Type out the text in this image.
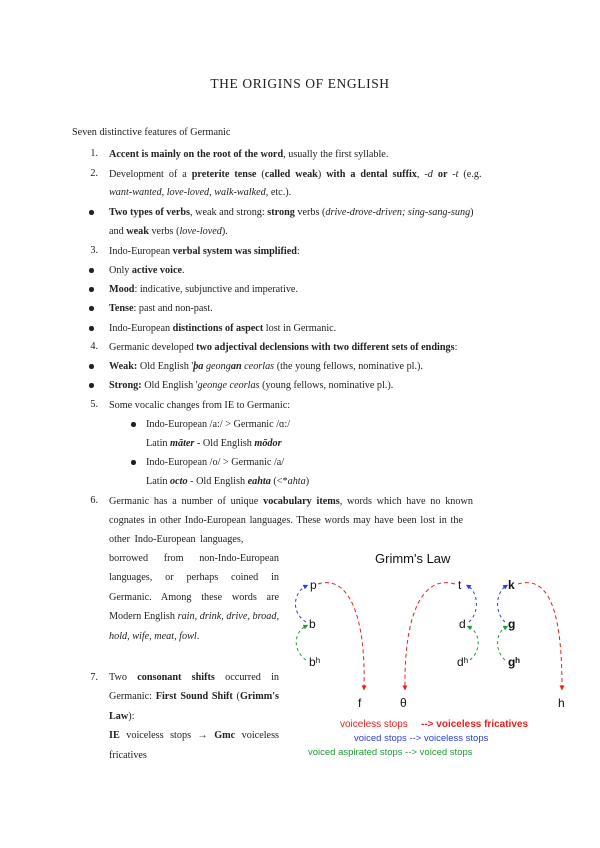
THE ORIGINS OF ENGLISH
Seven distinctive features of Germanic
1. Accent is mainly on the root of the word, usually the first syllable.
2. Development of a preterite tense (called weak) with a dental suffix, -d or -t (e.g.
want-wanted, love-loved, walk-walked, etc.).
Two types of verbs, weak and strong: strong verbs (drive-drove-driven; sing-sang-sung)
and weak verbs (love-loved).
3. Indo-European verbal system was simplified:
Only active voice.
Mood: indicative, subjunctive and imperative.
Tense: past and non-past.
Indo-European distinctions of aspect lost in Germanic.
4. Germanic developed two adjectival declensions with two different sets of endings:
Weak: Old English 'þa geongan ceorlas (the young fellows, nominative pl.).
Strong: Old English 'geonge ceorlas (young fellows, nominative pl.).
5. Some vocalic changes from IE to Germanic:
Indo-European /a:/ > Germanic /ɑ:/
Latin māter - Old English mōdor
Indo-European /o/ > Germanic /a/
Latin octo - Old English eahta (<*ahta)
6. Germanic has a number of unique vocabulary items, words which have no known
cognates in other Indo-European languages. These words may have been lost in the
other Indo-European languages,
borrowed from non-Indo-European languages, or perhaps coined in Germanic. Among these words are Modern English rain, drink, drive, broad, hold, wife, meat, fowl.
7. Two consonant shifts occurred in Germanic: First Sound Shift (Grimm's Law):
IE voiceless stops → Gmc voiceless fricatives
Grimm's Law
p
b
bʰ
f
t
d
dʰ
θ
k
g
gʰ
h
voiceless stops --> voiceless fricatives
voiced stops --> voiceless stops
voiced aspirated stops --> voiced stops
